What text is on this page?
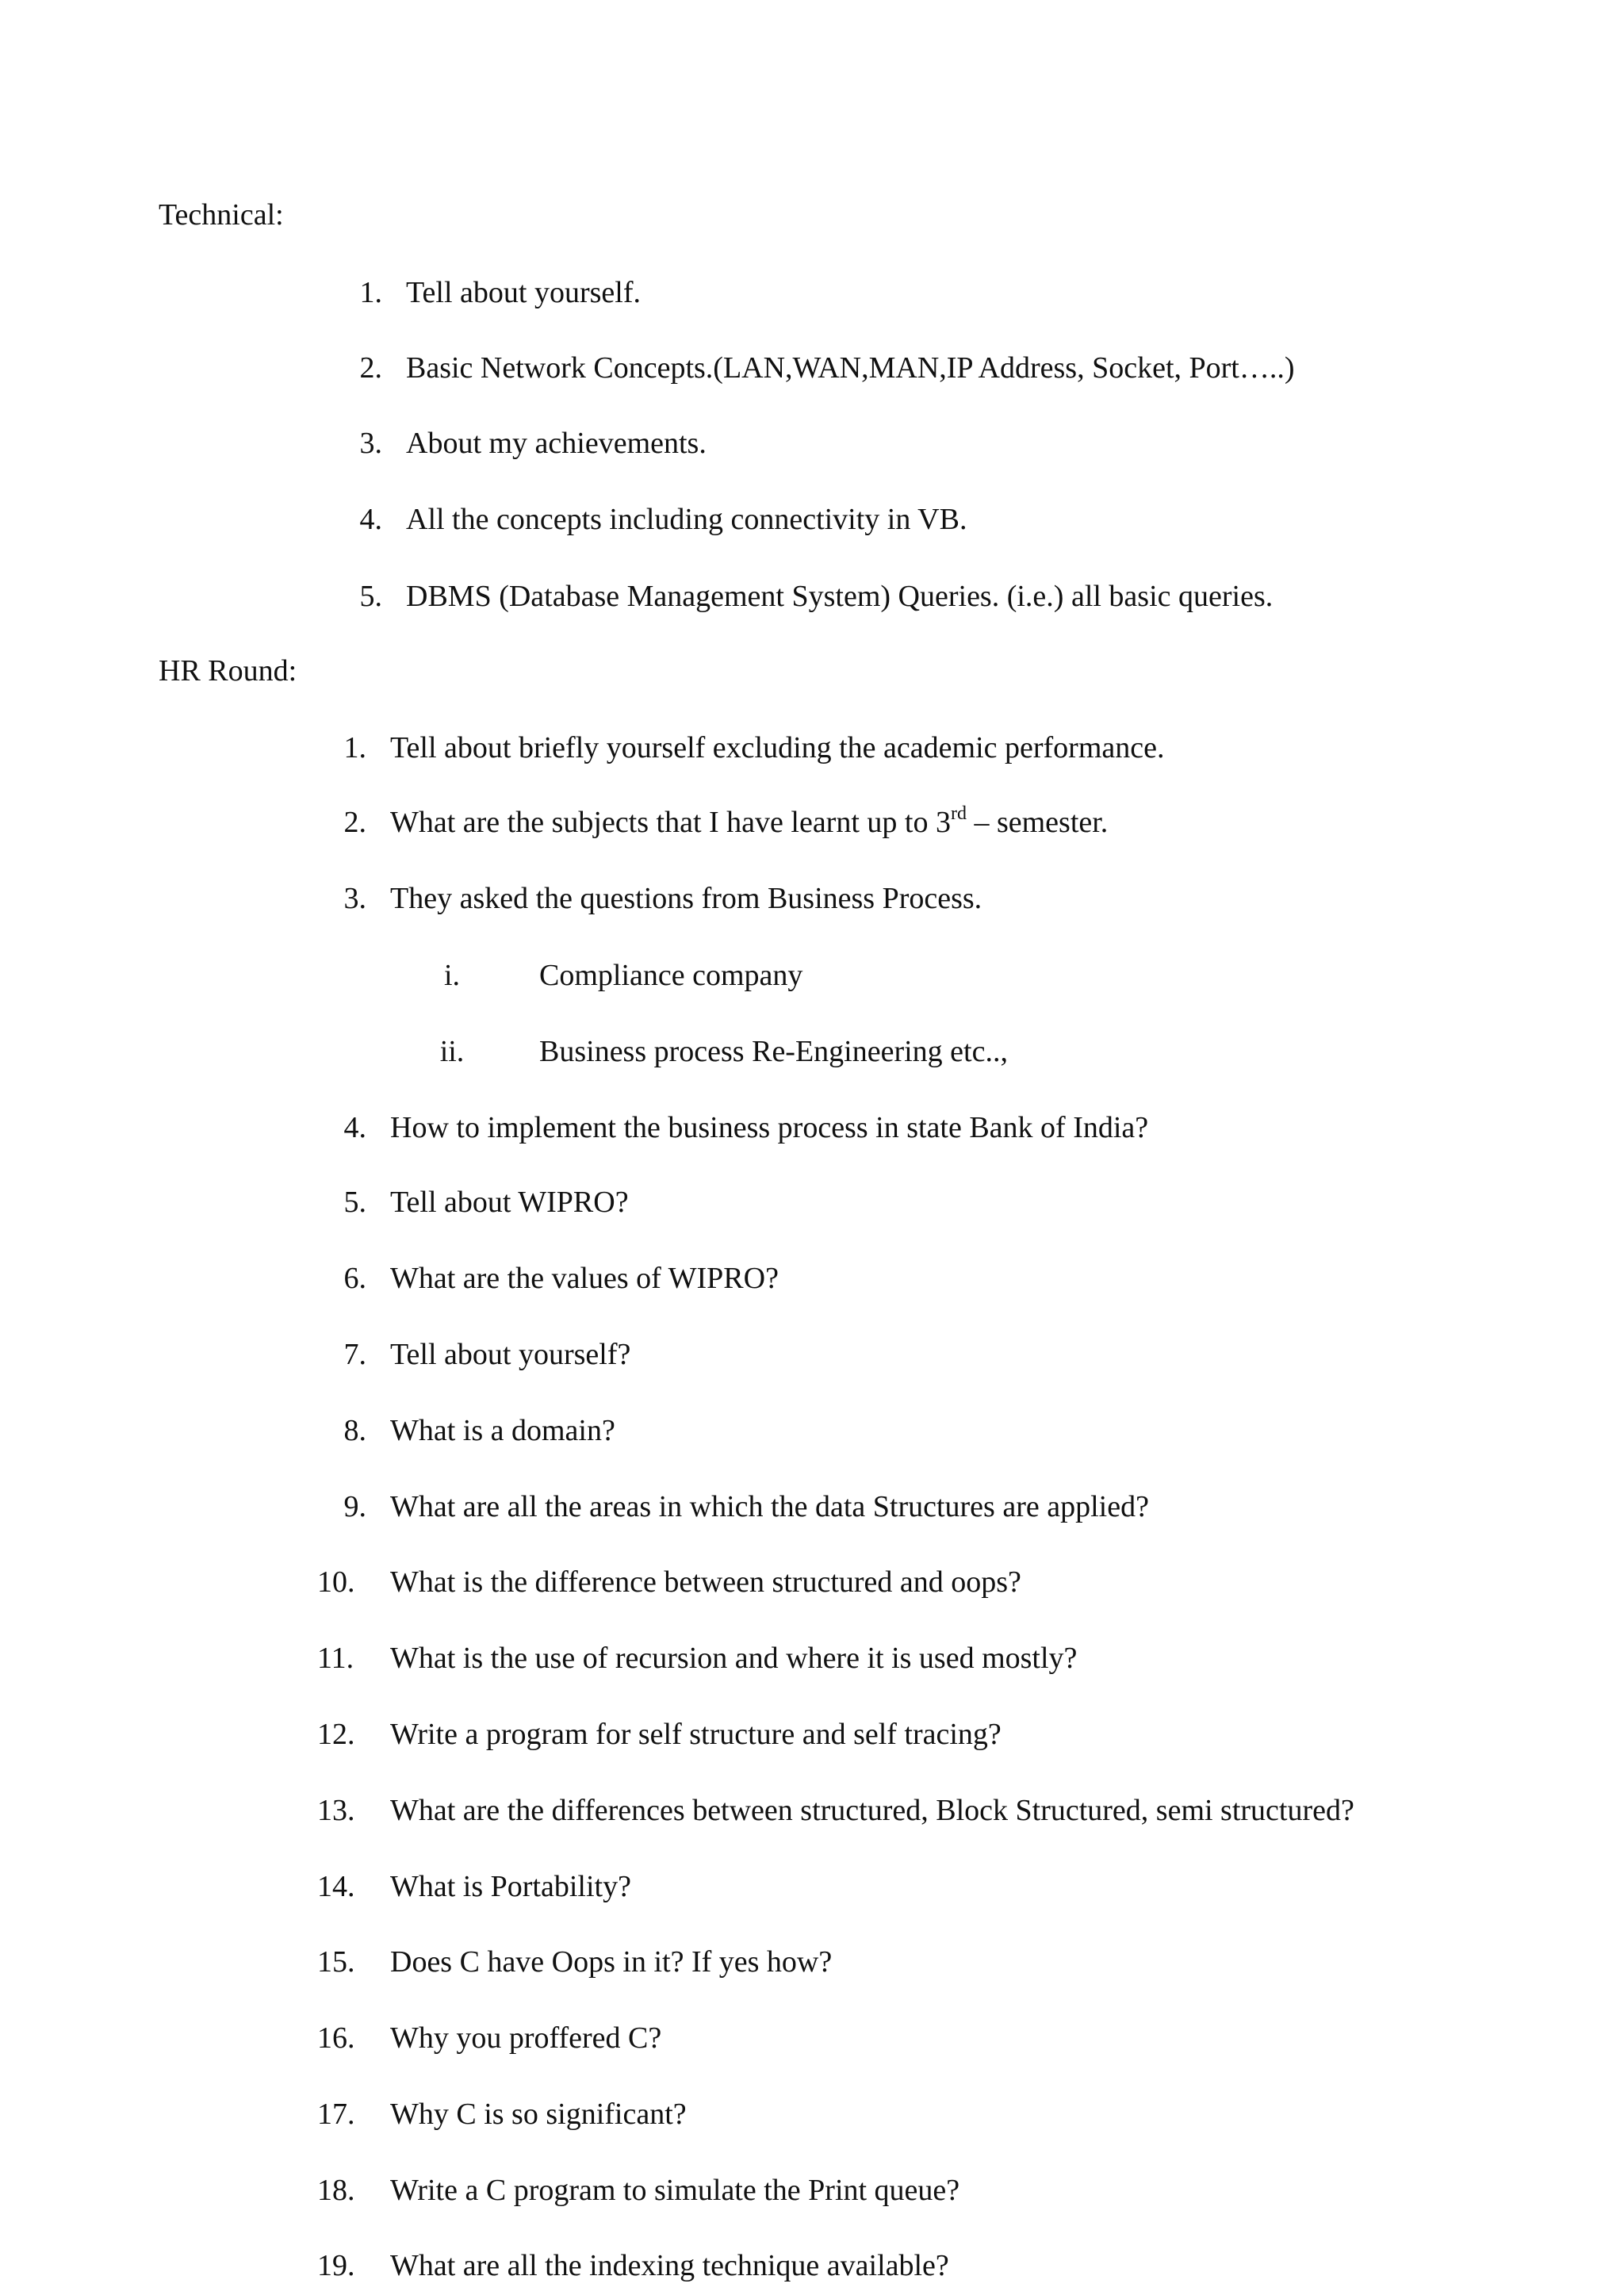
Technical:
1. Tell about yourself.
2. Basic Network Concepts.(LAN,WAN,MAN,IP Address, Socket, Port…..)
3. About my achievements.
4. All the concepts including connectivity in VB.
5. DBMS (Database Management System) Queries. (i.e.) all basic queries.
HR Round:
1. Tell about briefly yourself excluding the academic performance.
2. What are the subjects that I have learnt up to 3rd – semester.
3. They asked the questions from Business Process.
i.	Compliance company
ii.	Business process Re-Engineering etc..,
4. How to implement the business process in state Bank of India?
5. Tell about WIPRO?
6. What are the values of WIPRO?
7. Tell about yourself?
8. What is a domain?
9. What are all the areas in which the data Structures are applied?
10.	What is the difference between structured and oops?
11.	What is the use of recursion and where it is used mostly?
12.	Write a program for self structure and self tracing?
13.	What are the differences between structured, Block Structured, semi structured?
14.	What is Portability?
15.	Does C have Oops in it? If yes how?
16.	Why you proffered C?
17.	Why C is so significant?
18.	Write a C program to simulate the Print queue?
19.	What are all the indexing technique available?
